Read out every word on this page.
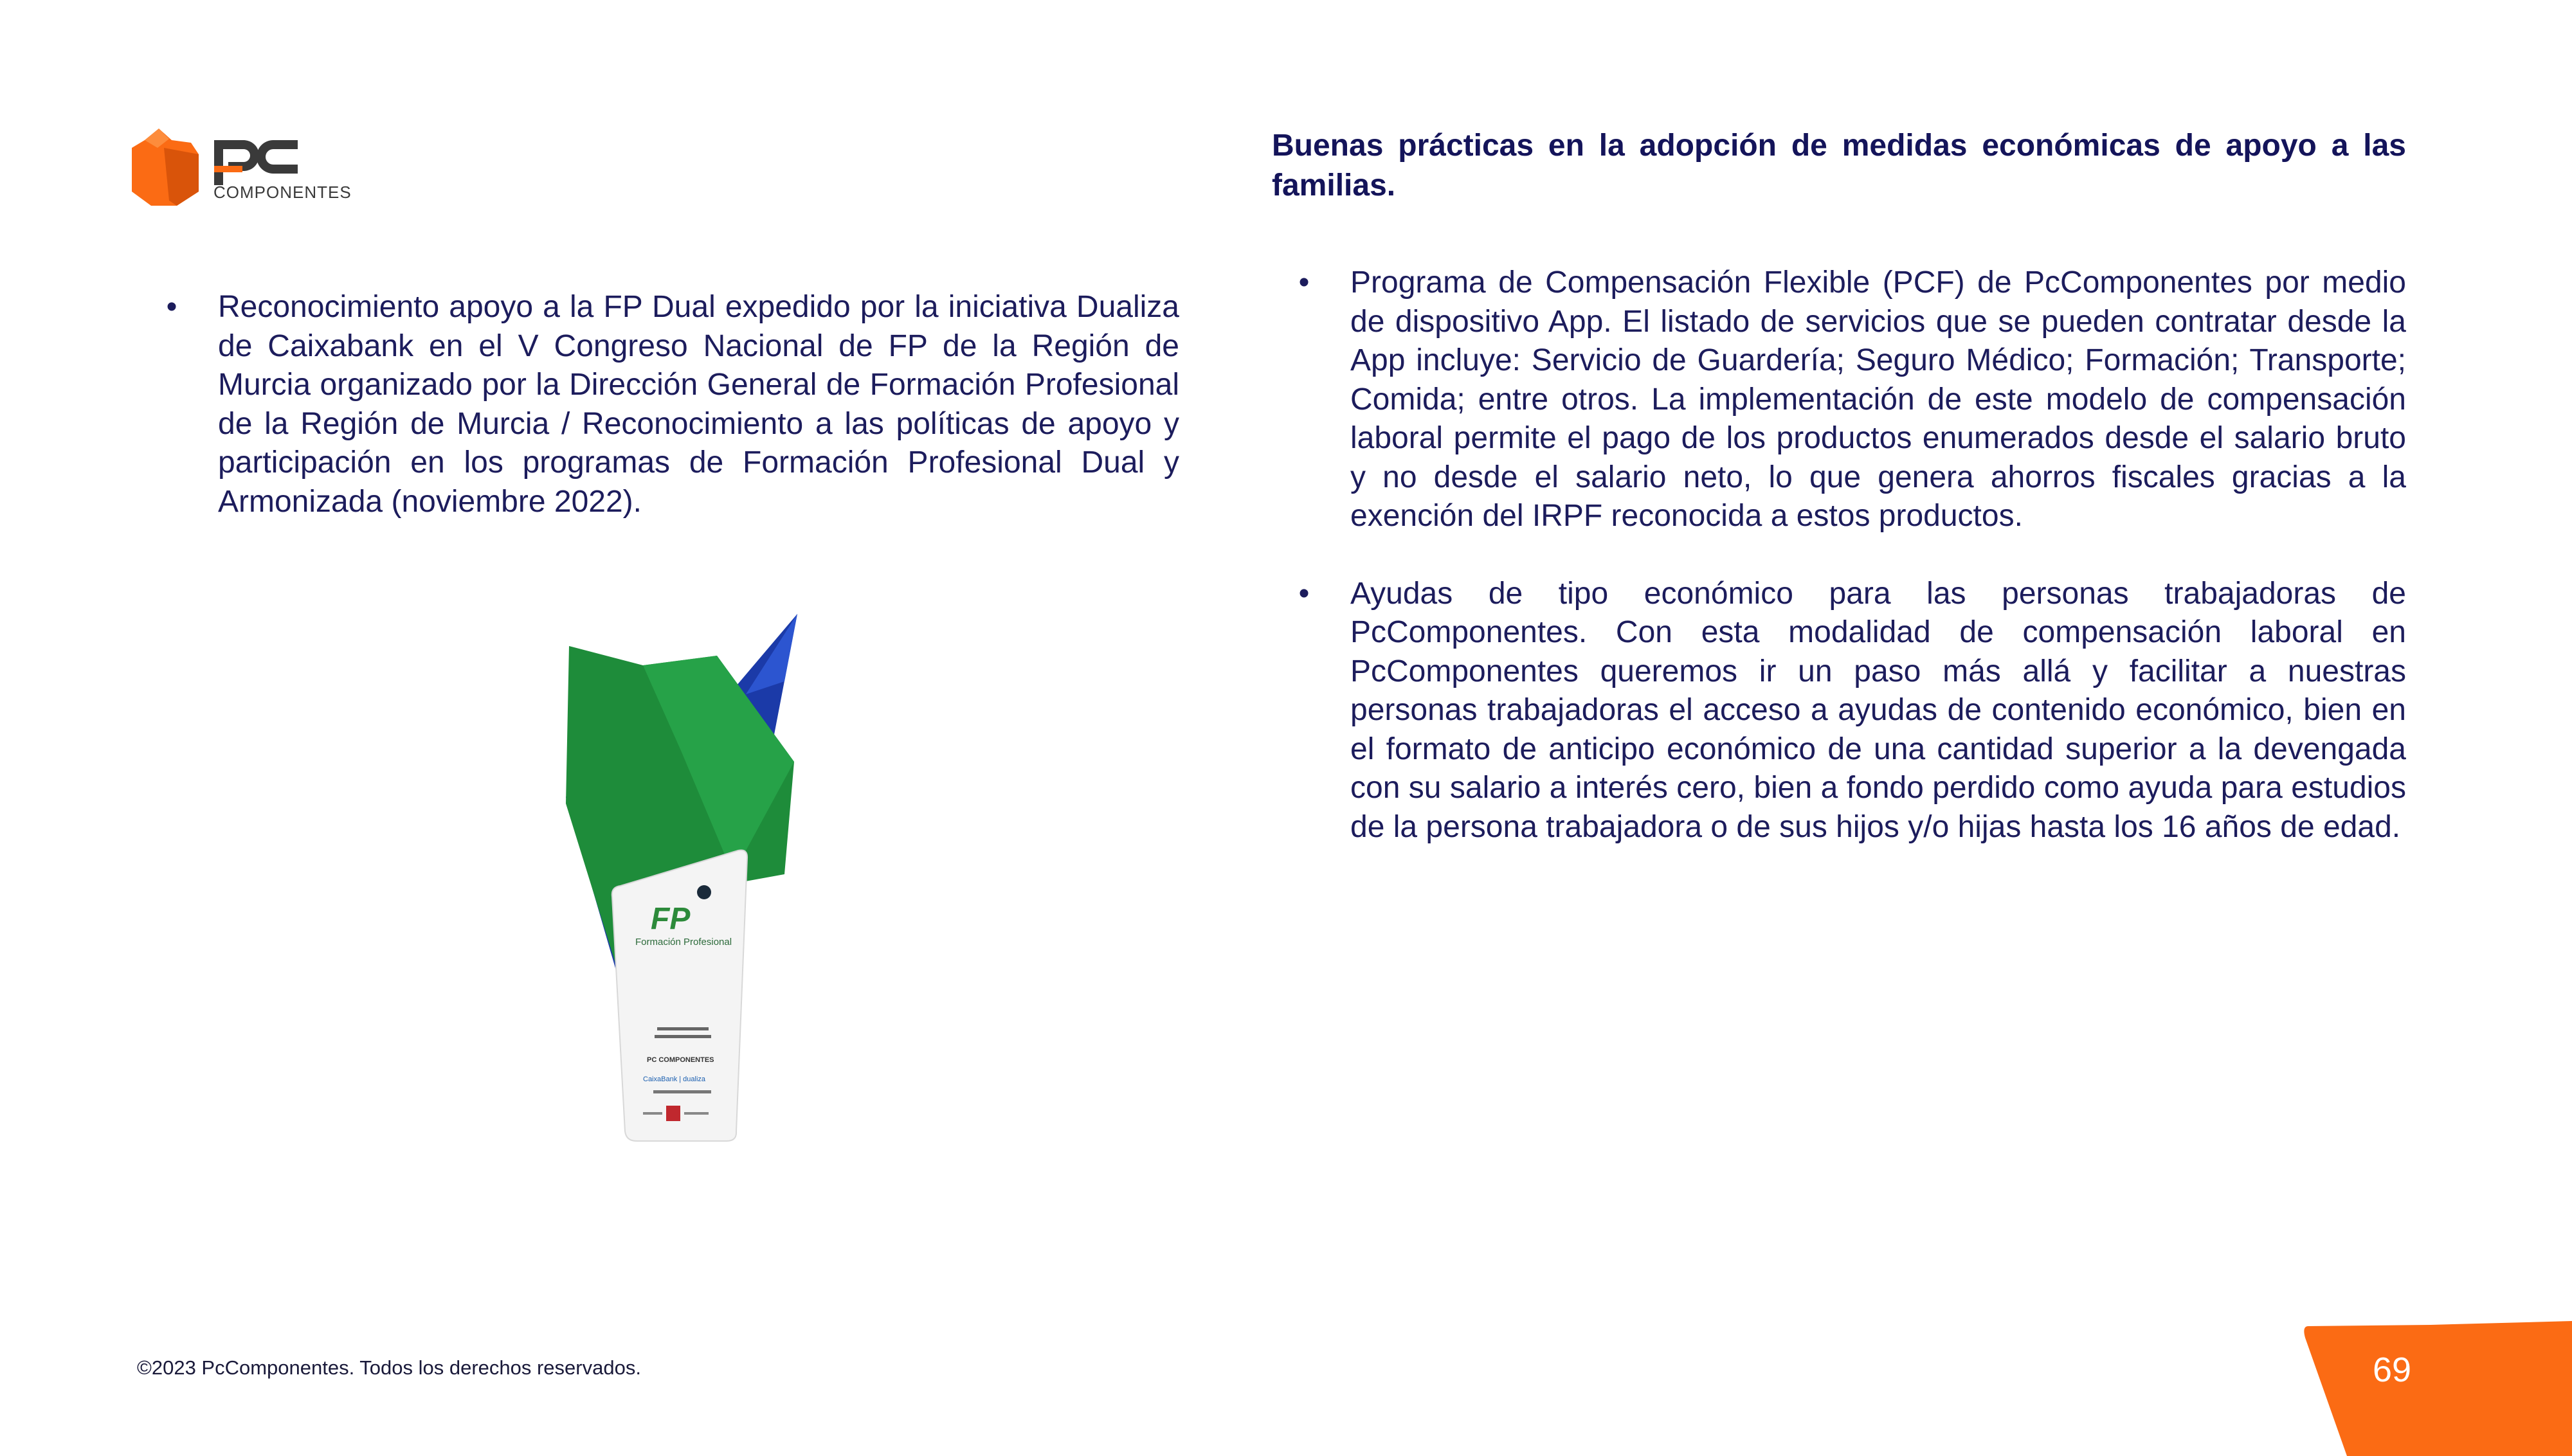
COMPONENTES
Buenas prácticas en la adopción de medidas económicas de apoyo a las familias.
• Reconocimiento apoyo a la FP Dual expedido por la iniciativa Dualiza de Caixabank en el V Congreso Nacional de FP de la Región de Murcia organizado por la Dirección General de Formación Profesional de la Región de Murcia / Reconocimiento a las políticas de apoyo y participación en los programas de Formación Profesional Dual y Armonizada (noviembre 2022).
• Programa de Compensación Flexible (PCF) de PcComponentes por medio de dispositivo App. El listado de servicios que se pueden contratar desde la App incluye: Servicio de Guardería; Seguro Médico; Formación; Transporte; Comida; entre otros. La implementación de este modelo de compensación laboral permite el pago de los productos enumerados desde el salario bruto y no desde el salario neto, lo que genera ahorros fiscales gracias a la exención del IRPF reconocida a estos productos.
• Ayudas de tipo económico para las personas trabajadoras de PcComponentes. Con esta modalidad de compensación laboral en PcComponentes queremos ir un paso más allá y facilitar a nuestras personas trabajadoras el acceso a ayudas de contenido económico, bien en el formato de anticipo económico de una cantidad superior a la devengada con su salario a interés cero, bien a fondo perdido como ayuda para estudios de la persona trabajadora o de sus hijos y/o hijas hasta los 16 años de edad.
FP
Formación Profesional
PC COMPONENTES
CaixaBank | dualiza
©2023 PcComponentes. Todos los derechos reservados.	69
